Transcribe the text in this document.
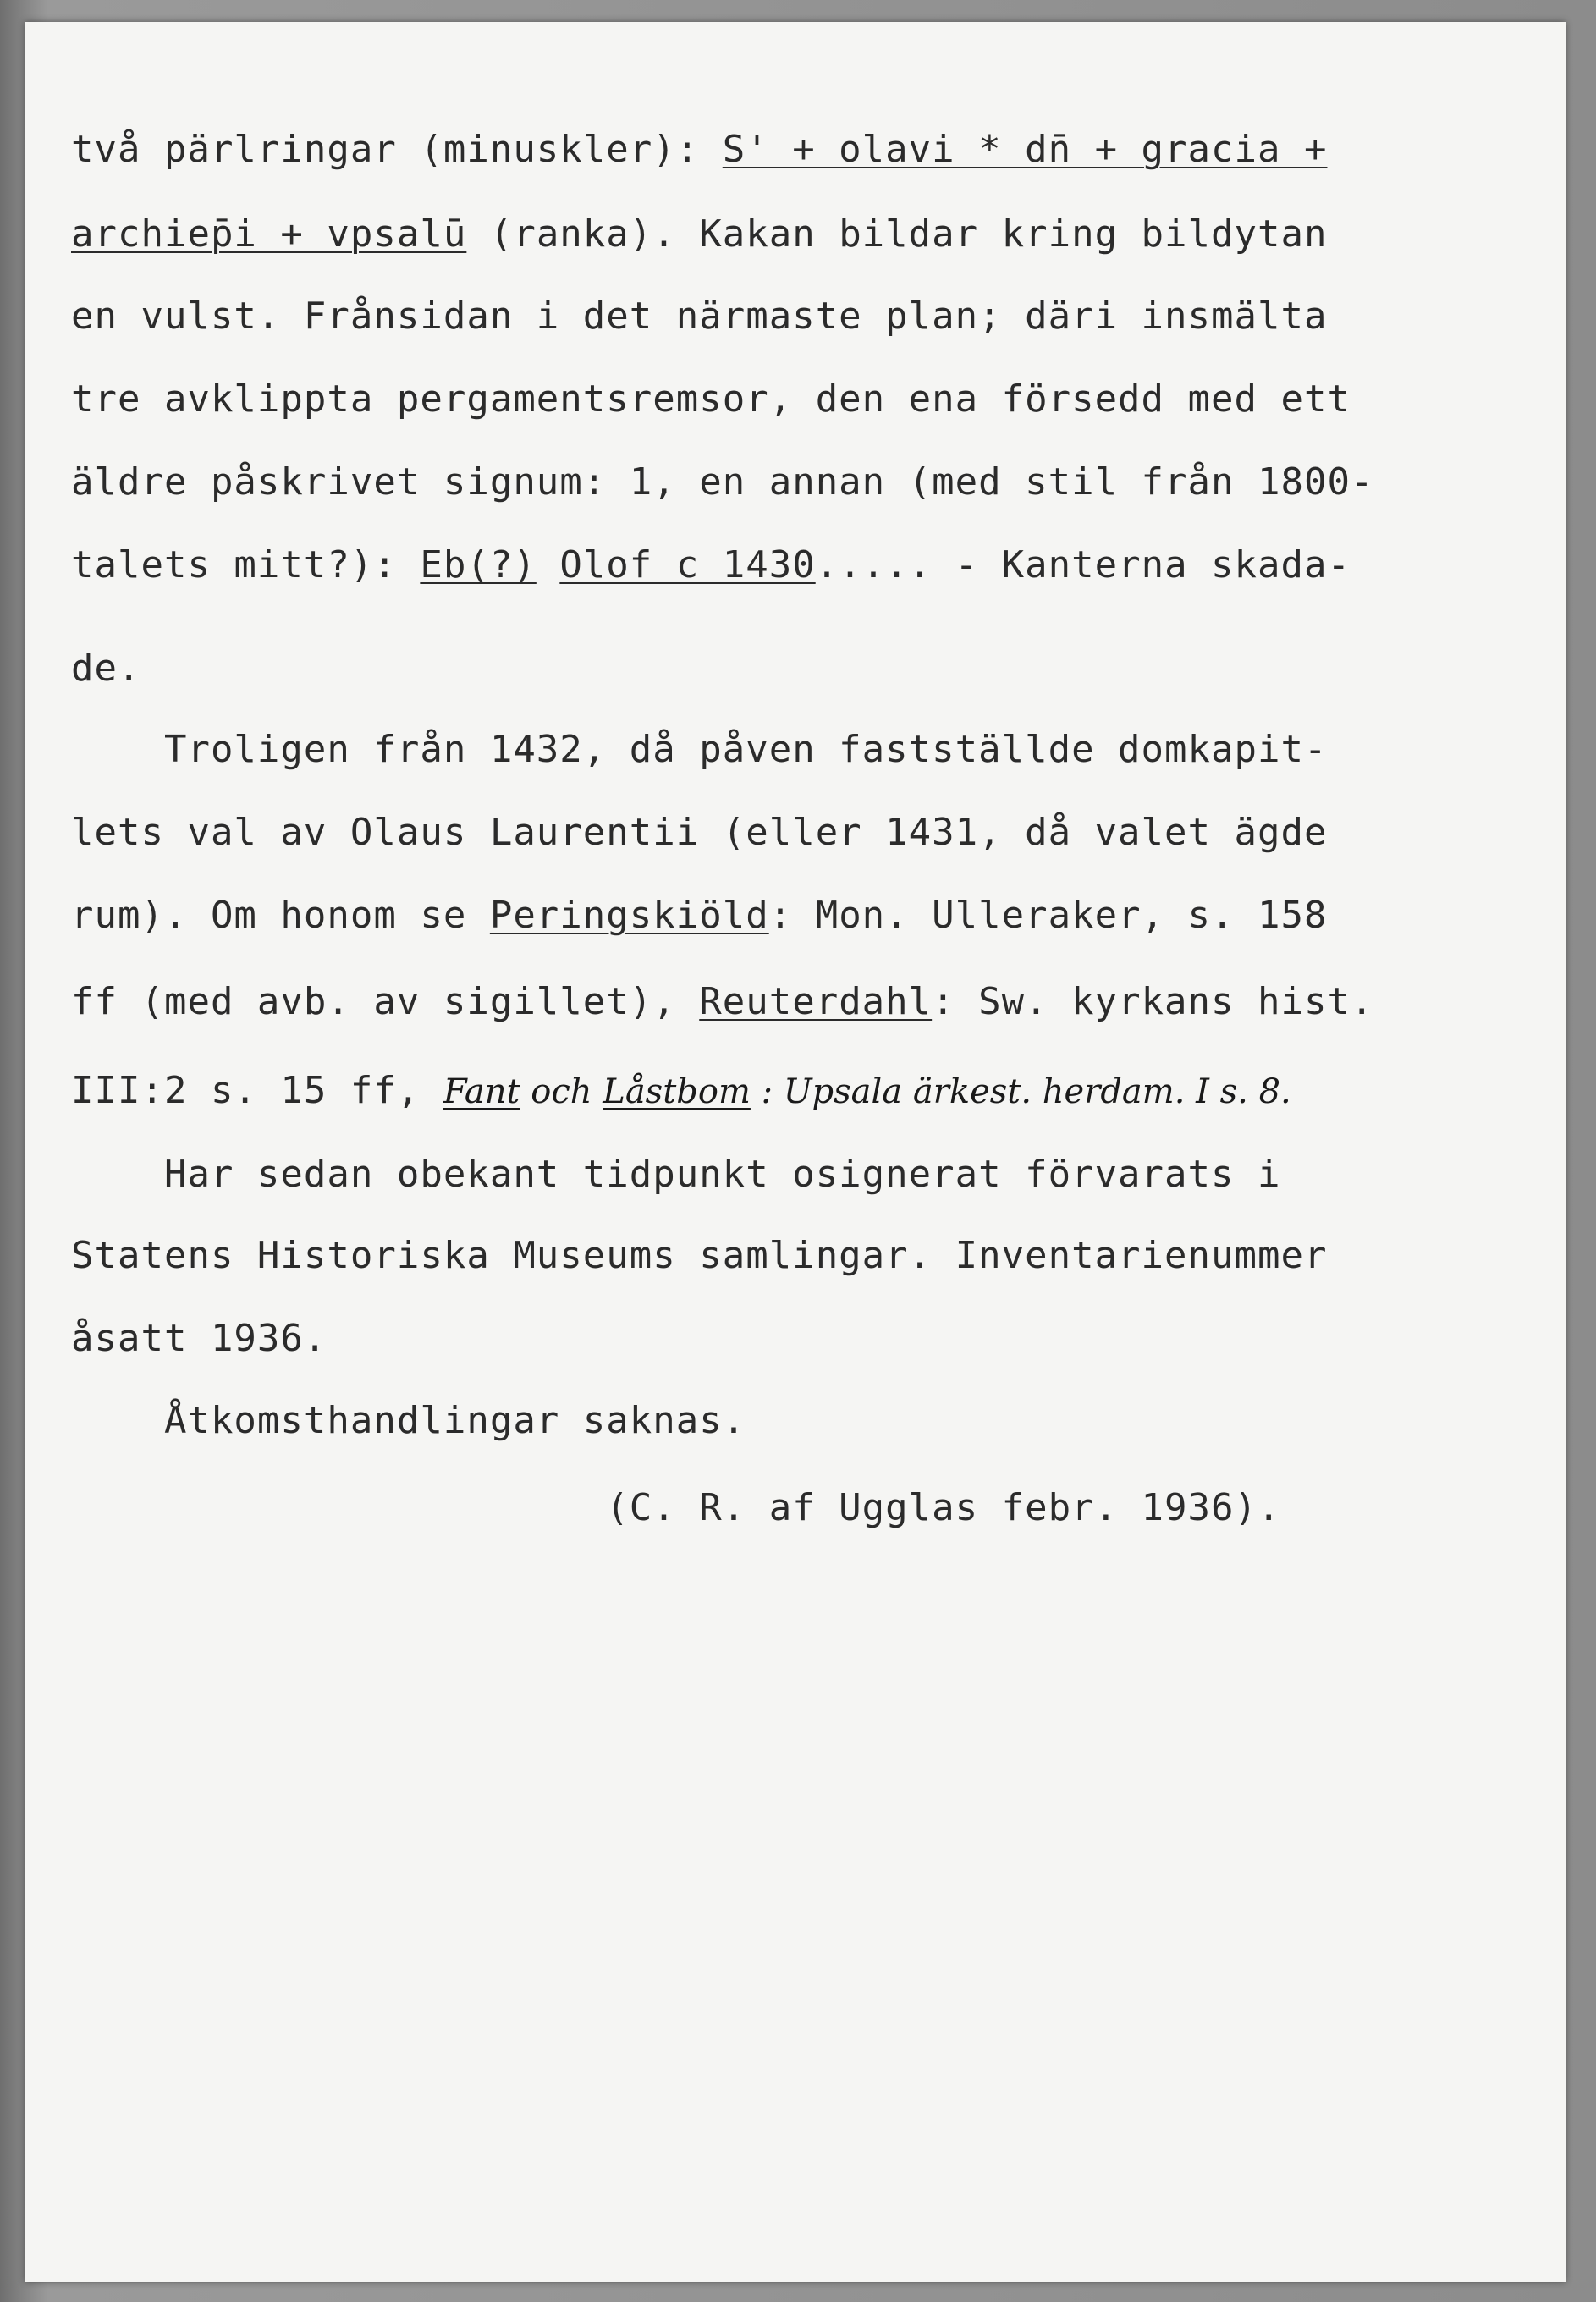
två pärlringar (minuskler): S' + olavi * dn̄ + gracia +
archiep̄i + vpsalū (ranka). Kakan bildar kring bildytan
en vulst. Frånsidan i det närmaste plan; däri insmälta
tre avklippta pergamentsremsor, den ena försedd med ett
äldre påskrivet signum: 1, en annan (med stil från 1800-
talets mitt?): Eb(?) Olof c 1430..... - Kanterna skada-
de.
Troligen från 1432, då påven fastställde domkapit-
lets val av Olaus Laurentii (eller 1431, då valet ägde
rum). Om honom se Peringskiöld: Mon. Ulleraker, s. 158
ff (med avb. av sigillet), Reuterdahl: Sw. kyrkans hist.
III:2 s. 15 ff, Fant och Låstbom : Upsala ärkest. herdam. I s. 8.
Har sedan obekant tidpunkt osignerat förvarats i
Statens Historiska Museums samlingar. Inventarienummer
åsatt 1936.
Åtkomsthandlingar saknas.
(C. R. af Ugglas febr. 1936).
